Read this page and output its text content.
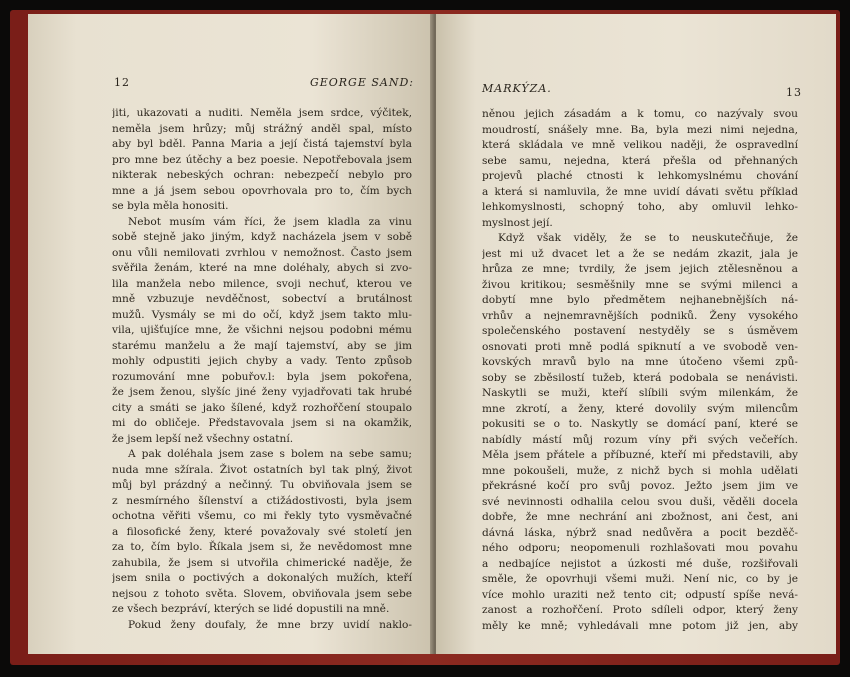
12	GEORGE SAND:
jiti, ukazovati a nuditi. Neměla jsem srdce, výčitek,
neměla jsem hrůzy; můj strážný anděl spal, místo
aby byl bděl. Panna Maria a její čistá tajemství byla
pro mne bez útěchy a bez poesie. Nepotřebovala jsem
nikterak nebeských ochran: nebezpečí nebylo pro
mne a já jsem sebou opovrhovala pro to, čím bych
se byla měla honositi.
Nebot musím vám říci, že jsem kladla za vinu
sobě stejně jako jiným, když nacházela jsem v sobě
onu vůli nemilovati zvrhlou v nemožnost. Často jsem
svěřila ženám, které na mne doléhaly, abych si zvo-
lila manžela nebo milence, svoji nechuť, kterou ve
mně vzbuzuje nevděčnost, sobectví a brutálnost
mužů. Vysmály se mi do očí, když jsem takto mlu-
vila, ujišťujíce mne, že všichni nejsou podobni mému
starému manželu a že mají tajemství, aby se jim
mohly odpustiti jejich chyby a vady. Tento způsob
rozumování mne pobuřov.l: byla jsem pokořena,
že jsem ženou, slyšíc jiné ženy vyjadřovati tak hrubé
city a smáti se jako šílené, když rozhořčení stoupalo
mi do obličeje. Představovala jsem si na okamžik,
že jsem lepší než všechny ostatní.
A pak doléhala jsem zase s bolem na sebe samu;
nuda mne sžírala. Život ostatních byl tak plný, život
můj byl prázdný a nečinný. Tu obviňovala jsem se
z nesmírného šílenství a ctižádostivosti, byla jsem
ochotna věřiti všemu, co mi řekly tyto vysměvačné
a filosofické ženy, které považovaly své století jen
za to, čím bylo. Říkala jsem si, že nevědomost mne
zahubila, že jsem si utvořila chimerické naděje, že
jsem snila o poctivých a dokonalých mužích, kteří
nejsou z tohoto světa. Slovem, obviňovala jsem sebe
ze všech bezpráví, kterých se lidé dopustili na mně.
Pokud ženy doufaly, že mne brzy uvidí naklo-
MARKÝZA.	13
něnou jejich zásadám a k tomu, co nazývaly svou
moudrostí, snášely mne. Ba, byla mezi nimi nejedna,
která skládala ve mně velikou naději, že ospravedlní
sebe samu, nejedna, která přešla od přehnaných
projevů plaché ctnosti k lehkomyslnému chování
a která si namluvila, že mne uvidí dávati světu příklad
lehkomyslnosti, schopný toho, aby omluvil lehko-
myslnost její.
Když však viděly, že se to neuskutečňuje, že
jest mi už dvacet let a že se nedám zkazit, jala je
hrůza ze mne; tvrdily, že jsem jejich ztělesněnou a
živou kritikou; sesměšnily mne se svými milenci a
dobytí mne bylo předmětem nejhanebnějších ná-
vrhův a nejnemravnějších podniků. Ženy vysokého
společenského postavení nestyděly se s úsměvem
osnovati proti mně podlá spiknutí a ve svobodě ven-
kovských mravů bylo na mne útočeno všemi způ-
soby se zběsilostí tužeb, která podobala se nenávisti.
Naskytli se muži, kteří slíbili svým milenkám, že
mne zkrotí, a ženy, které dovolily svým milencům
pokusiti se o to. Naskytly se domácí paní, které se
nabídly mástí můj rozum víny při svých večeřích.
Měla jsem přátele a příbuzné, kteří mi představili, aby
mne pokoušeli, muže, z nichž bych si mohla udělati
překrásné kočí pro svůj povoz. Ježto jsem jim ve
své nevinnosti odhalila celou svou duši, věděli docela
dobře, že mne nechrání ani zbožnost, ani čest, ani
dávná láska, nýbrž snad nedůvěra a pocit bezděč-
ného odporu; neopomenuli rozhlašovati mou povahu
a nedbajíce nejistot a úzkosti mé duše, rozšiřovali
směle, že opovrhuji všemi muži. Není nic, co by je
více mohlo uraziti než tento cit; odpustí spíše nevá-
zanost a rozhořčení. Proto sdíleli odpor, který ženy
měly ke mně; vyhledávali mne potom již jen, aby
